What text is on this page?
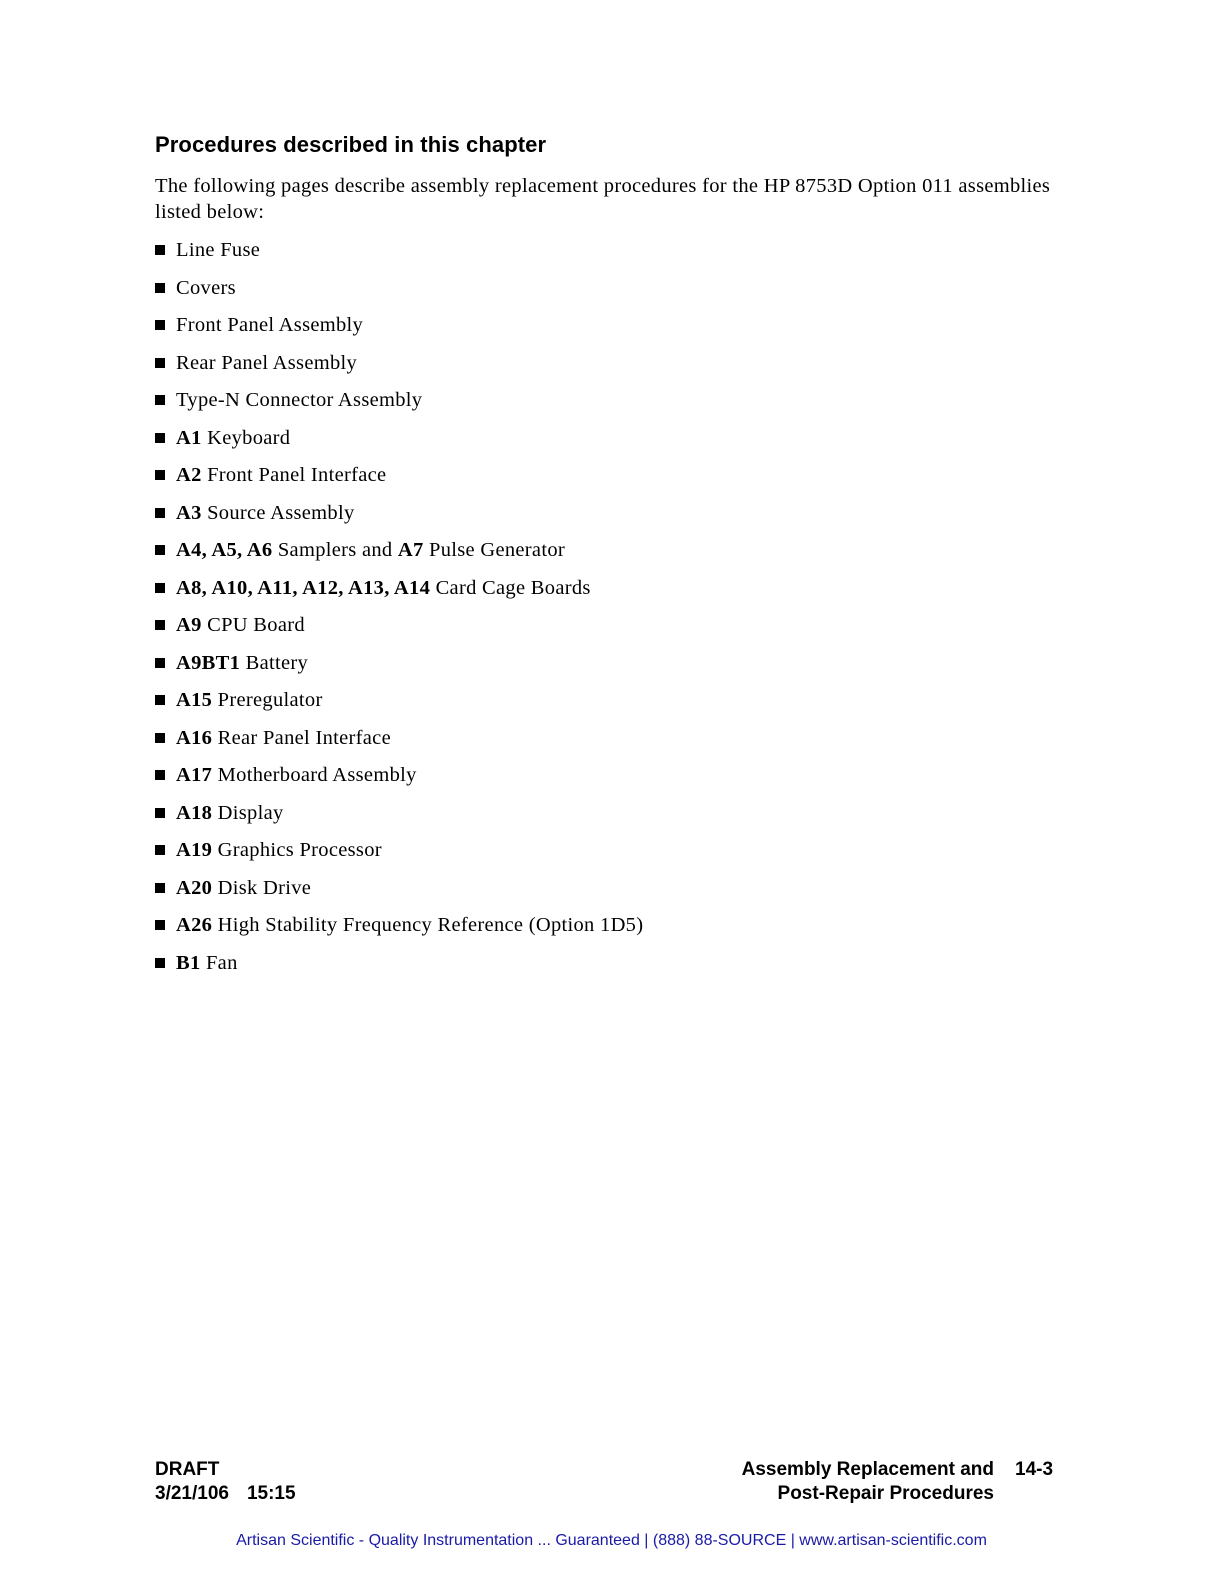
Procedures described in this chapter

The following pages describe assembly replacement procedures for the HP 8753D Option 011 assemblies listed below:

Line Fuse
Covers
Front Panel Assembly
Rear Panel Assembly
Type-N Connector Assembly
A1 Keyboard
A2 Front Panel Interface
A3 Source Assembly
A4, A5, A6 Samplers and A7 Pulse Generator
A8, A10, A11, A12, A13, A14 Card Cage Boards
A9 CPU Board
A9BT1 Battery
A15 Preregulator
A16 Rear Panel Interface
A17 Motherboard Assembly
A18 Display
A19 Graphics Processor
A20 Disk Drive
A26 High Stability Frequency Reference (Option 1D5)
B1 Fan
DRAFT
3/21/106 15:15
Assembly Replacement and
Post-Repair Procedures
14-3
Artisan Scientific - Quality Instrumentation ... Guaranteed | (888) 88-SOURCE | www.artisan-scientific.com
